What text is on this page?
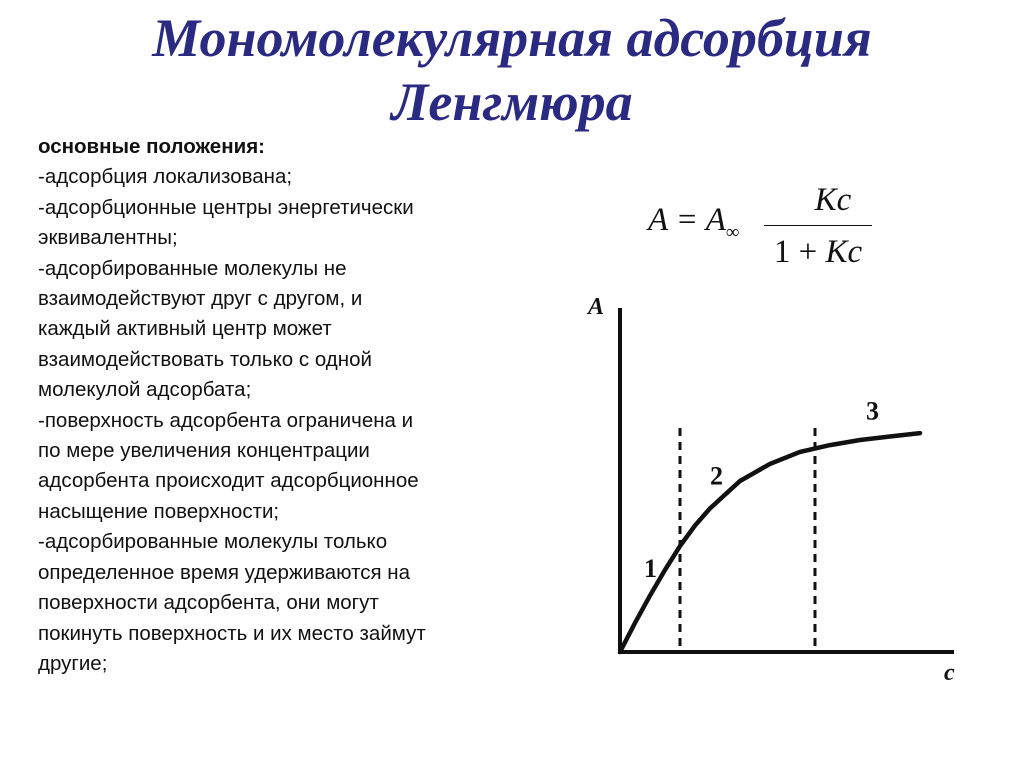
Мономолекулярная адсорбция
Ленгмюра
основные положения:
-адсорбция локализована;
-адсорбционные центры энергетически
эквивалентны;
-адсорбированные молекулы не
взаимодействуют друг с другом, и
каждый активный центр может
взаимодействовать только с одной
молекулой адсорбата;
-поверхность адсорбента ограничена и
по мере увеличения концентрации
адсорбента происходит адсорбционное
насыщение поверхности;
-адсорбированные молекулы только
определенное время удерживаются на
поверхности адсорбента, они могут
покинуть поверхность и их место займут
другие;
$A = A_\infty$
Kc
1 + Kc
1
2
3
A
c
